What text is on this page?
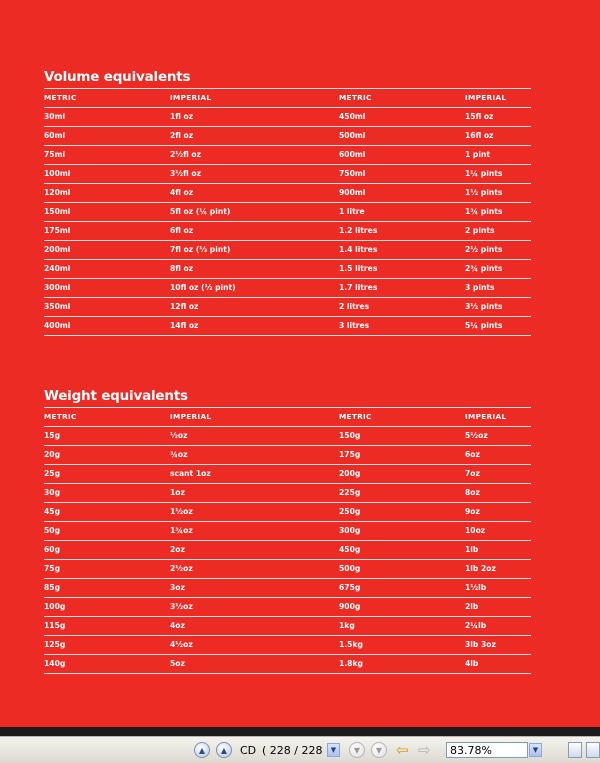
Volume equivalents
METRIC	IMPERIAL	METRIC	IMPERIAL
30ml	1fl oz	450ml	15fl oz
60ml	2fl oz	500ml	16fl oz
75ml	2½fl oz	600ml	1 pint
100ml	3½fl oz	750ml	1¼ pints
120ml	4fl oz	900ml	1½ pints
150ml	5fl oz (¼ pint)	1 litre	1¾ pints
175ml	6fl oz	1.2 litres	2 pints
200ml	7fl oz (⅓ pint)	1.4 litres	2½ pints
240ml	8fl oz	1.5 litres	2¾ pints
300ml	10fl oz (½ pint)	1.7 litres	3 pints
350ml	12fl oz	2 litres	3½ pints
400ml	14fl oz	3 litres	5¼ pints
Weight equivalents
METRIC	IMPERIAL	METRIC	IMPERIAL
15g	½oz	150g	5½oz
20g	¾oz	175g	6oz
25g	scant 1oz	200g	7oz
30g	1oz	225g	8oz
45g	1½oz	250g	9oz
50g	1¾oz	300g	10oz
60g	2oz	450g	1lb
75g	2½oz	500g	1lb 2oz
85g	3oz	675g	1½lb
100g	3½oz	900g	2lb
115g	4oz	1kg	2¼lb
125g	4½oz	1.5kg	3lb 3oz
140g	5oz	1.8kg	4lb
▲	▲	CD ( 228 / 228	▼	▼	▼ ⇦ ⇨	83.78%	▼
